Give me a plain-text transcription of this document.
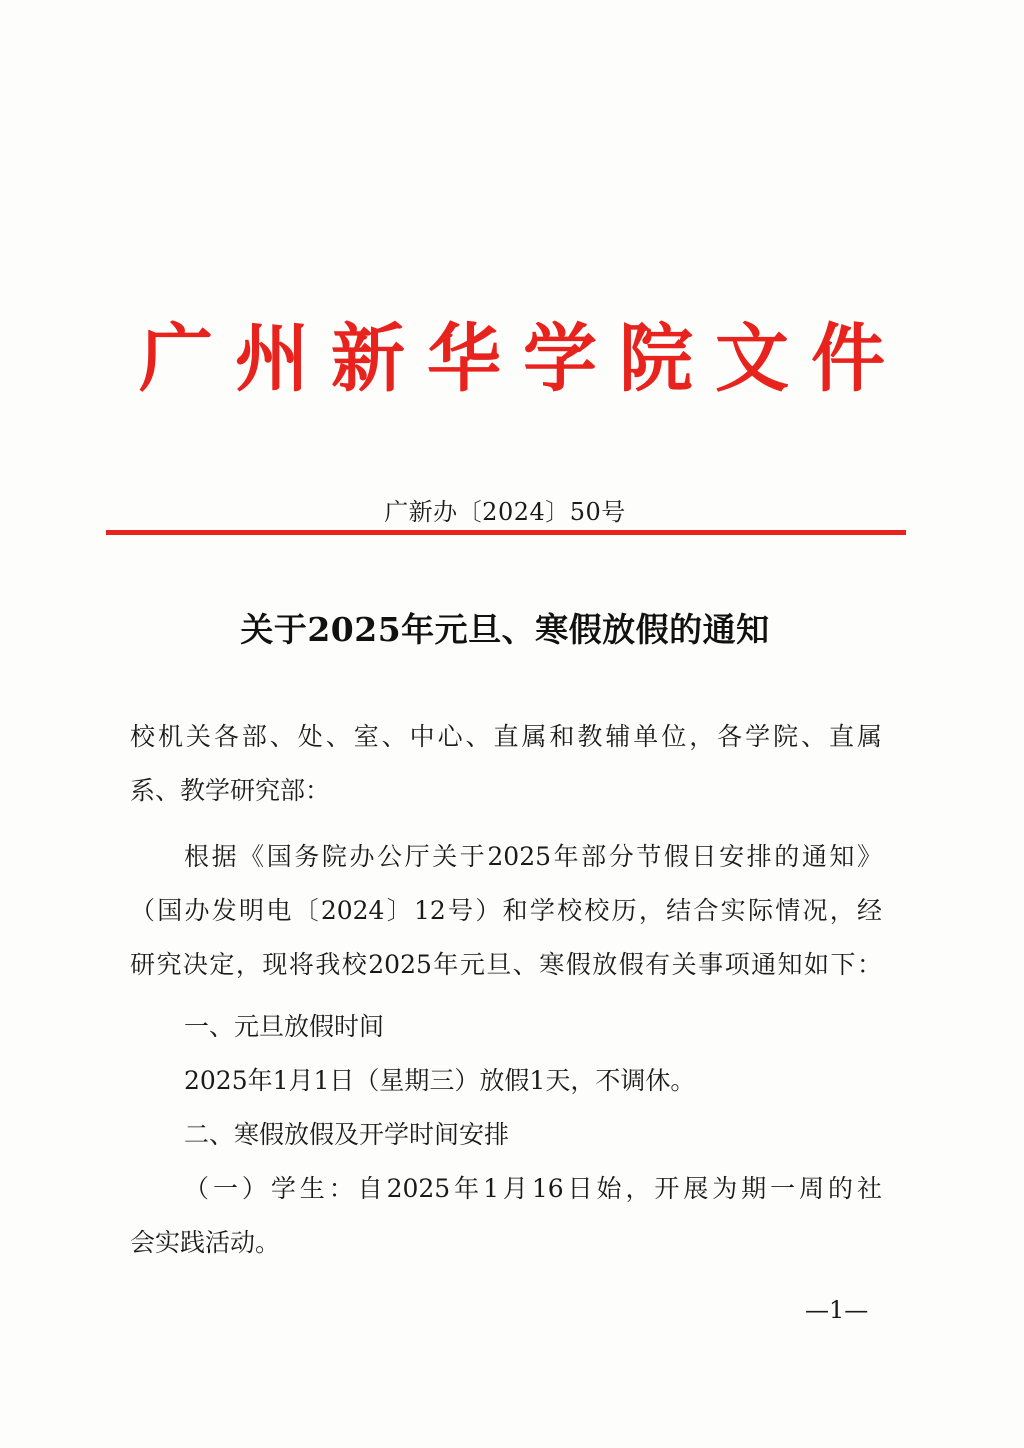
广州新华学院文件
广新办〔2024〕50号
关于2025年元旦、寒假放假的通知
校机关各部、处、室、中心、直属和教辅单位，各学院、直属
系、教学研究部：
根据《国务院办公厅关于2025年部分节假日安排的通知》
（国办发明电〔2024〕12号）和学校校历，结合实际情况，经
研究决定，现将我校2025年元旦、寒假放假有关事项通知如下：
一、元旦放假时间
2025年1月1日（星期三）放假1天，不调休。
二、寒假放假及开学时间安排
（一）学生：自2025年1月16日始，开展为期一周的社
会实践活动。
—1—
